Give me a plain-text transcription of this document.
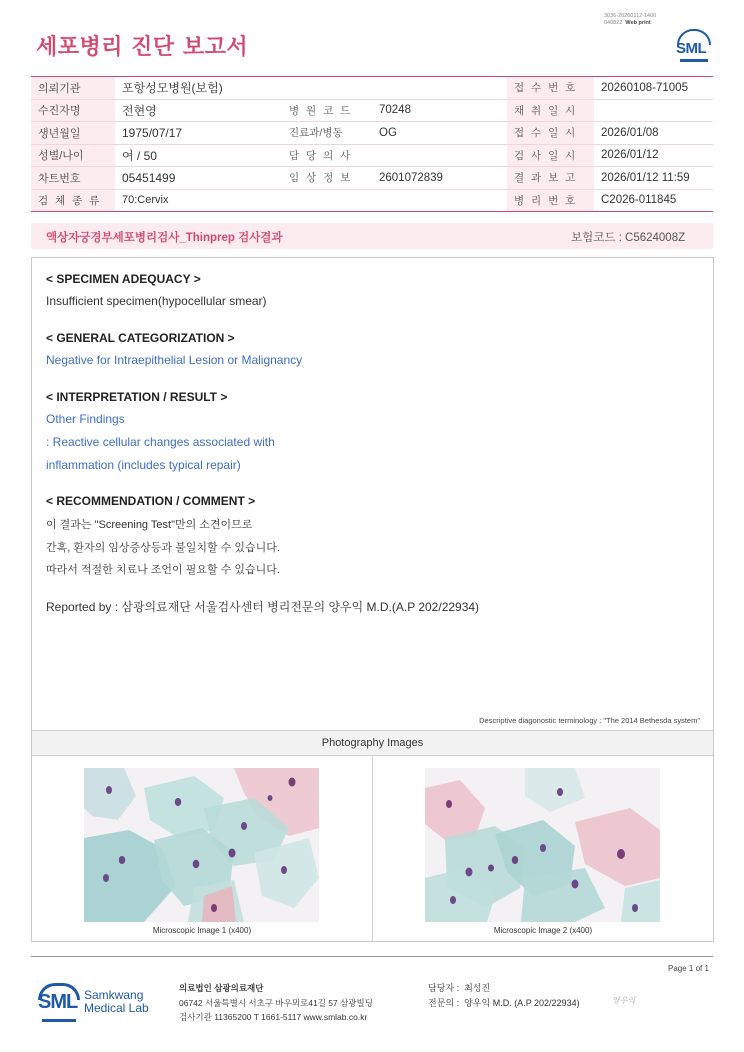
세포병리 진단 보고서
3036-20260112-1400
040822 Web print
SML
의뢰기관	포항성모병원(보험)			접 수 번 호	20260108-71005
수진자명	전현영	병 원 코 드	70248	채 취 일 시	
생년월일	1975/07/17	진료과/병동	OG	접 수 일 시	2026/01/08
성별/나이	여 / 50	담 당 의 사		검 사 일 시	2026/01/12
차트번호	05451499	임 상 정 보	2601072839	결 과 보 고	2026/01/12 11:59
검 체 종 류	70:Cervix			병 리 번 호	C2026-011845
액상자궁경부세포병리검사_Thinprep 검사결과	보험코드 : C5624008Z
< SPECIMEN ADEQUACY >
Insufficient specimen(hypocellular smear)
< GENERAL CATEGORIZATION >
Negative for Intraepithelial Lesion or Malignancy
< INTERPRETATION / RESULT >
Other Findings
: Reactive cellular changes associated with
inflammation (includes typical repair)
< RECOMMENDATION / COMMENT >
이 결과는 "Screening Test"만의 소견이므로
간혹, 환자의 임상증상등과 불일치할 수 있습니다.
따라서 적절한 치료나 조언이 필요할 수 있습니다.
Reported by : 삼광의료재단 서울검사센터 병리전문의 양우익 M.D.(A.P 202/22934)
Descriptive diagonostic terminology : "The 2014 Bethesda system"
Photography Images
Microscopic Image 1 (x400)	Microscopic Image 2 (x400)
Page 1 of 1
SML Samkwang
Medical Lab
의료법인 삼광의료재단
06742 서울특별시 서초구 바우뫼로41길 57 삼광빌딩
검사기관 11365200 T 1661-5117 www.smlab.co.kr
담당자 : 최성진
전문의 : 양우익 M.D. (A.P 202/22934)	양우익
